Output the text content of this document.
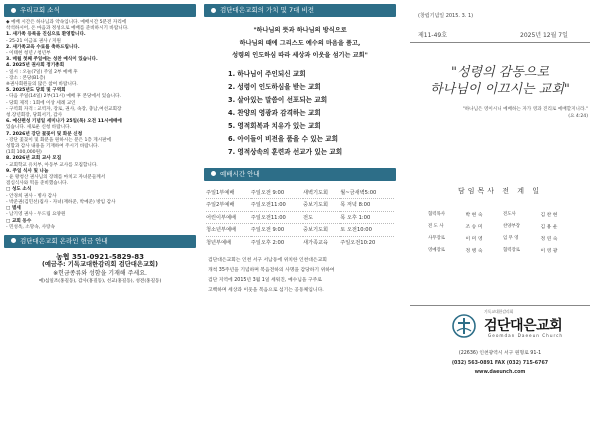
우리교회 소식
◆ 예배 시간은 하나님과 약속입니다. 예배시간 5분전 자리에
착석하시어, 온 마음과 정성으로 예배를 준비하시기 바랍니다.
1. 새가족 등록을 진심으로 환영합니다.
- 25-21 이금표 권사 / 지원
2. 새가족교육 수료를 축하드립니다.
- 이태현 청년 / 청년부
3. 매월 첫째 주일에는 성찬 예식이 있습니다.
4. 2025년 권사회 정기총회
- 일시 : 오늘(7일) 주일 2부 예배 후
- 장소 : 본당(B1층)
※권사회원들의 많은 참여 바랍니다.
5. 2025년도 당회 및 구역회
- 다음 주일(14일) 2부(11시) 예배 후 본당에서 있습니다.
- 당회 제적 : 1회에 이상 세례 교인
- 구역회 자격 : 교역자, 장로, 권사, 속장, 충남,여선교회장
청.장년회장, 당회서기, 감사
6. 예산편성 기념일 세미나가 25일(목) 오전 11시에배에
있습니다. 새로운 신청 바랍니다.
7. 2026년 강단 꽃꽂이 및 화분 신청
- 강단 꽃꽂이 및 화분을 원하시는 분은 1층 게시판에
성함과 감사 내용을 기재하여 주시기 바랍니다.
(1회 100,000원)
8. 2026년 교회 교사 모집
- 교회학교 유치부, 아동부 교사를 모집합니다.
9. 주일 식사 및 나눔
- 윤 왕청산 권사님의 장례를 마치고 자녀분들께서
점심식사와 떡을 준비했습니다.
□ 성도 소식
- 안경희 권사 - 병사 감사
- 박준권(김민선)집사 - 자녀(재하준, 박예준) 방임 감사
□ 별세
- 남기영 권사 - 두드림 요양원
□ 교회 동수
- 민성옥, 소망속, 사랑속
검단대은교회 온라인 헌금 안내
농협 351-0921-5829-83
(예금주: 기독교대한감리회 검단대은교회)
※헌금종류와 성함을 기재해 주세요.
예)십일조(홍길동), 감사(홍길동), 선교(홍길동), 성전(홍길동)
검단대은교회의 가치 및 7대 비전
"하나님의 뜻과 하나님의 방식으로
하나님의 때에 그리스도 예수의 마음을 품고,
성령의 인도하심 따라 세상과 이웃을 섬기는 교회"
1. 하나님이 주인되신 교회
2. 성령이 인도하심을 받는 교회
3. 살아있는 말씀이 선포되는 교회
4. 찬양의 영광과 감격하는 교회
5. 영적회복과 치유가 있는 교회
6. 아이들이 비전을 품을 수 있는 교회
7. 영적상속의 훈련과 선교가 있는 교회
예배시간 안내
주일1부예배	주일오전 9:00	새벽기도회	월~금새벽5:00
주일2부예배	주일오전11:00	중보기도회	목 저녁 8:00
어린이부예배	주일오전11:00	전도	목 오후 1:00
청소년부예배	주일오전 9:00	중보기도회	토 오전10:00
청년부예배	주일오후 2:00	새가족교육	주일오전10:20
검단대은교회는 인천 서구 서남동에 위치한 인천대은교회
개척 35주년을 기념하며 복음전하의 사명을 감당하기 위하여
검단 지역에 2015년 3월 1일 세워진, 예수님을 구주로
고백하며 세상과 이웃을 복음으로 섬기는 공동체입니다.
(창립기념일 2015. 3. 1)
제11-49호	2025년 12월 7일
"성령의 감동으로
하나님이 이끄시는 교회"
"하나님은 영이시니 예배하는 자가 영과 진리로 예배할지니라."
(요 4:24)
담임목사 전 계 일
협력목사	박 현 숙	전도사	김 찬 현
전 도 사	조 승 미	찬양부장	김 용 운
사무장로	이 미 영	임 무 영	정 연 숙
영예장로	정 병 숙	협력장로	이 영 광
기독교대한감리회
검단대은교회
Geomdan Daeeun Church
(22636) 인천광역시 서구 원형로 91-1
(032) 563-0891 FAX (032) 715-6767
www.daeunch.com
